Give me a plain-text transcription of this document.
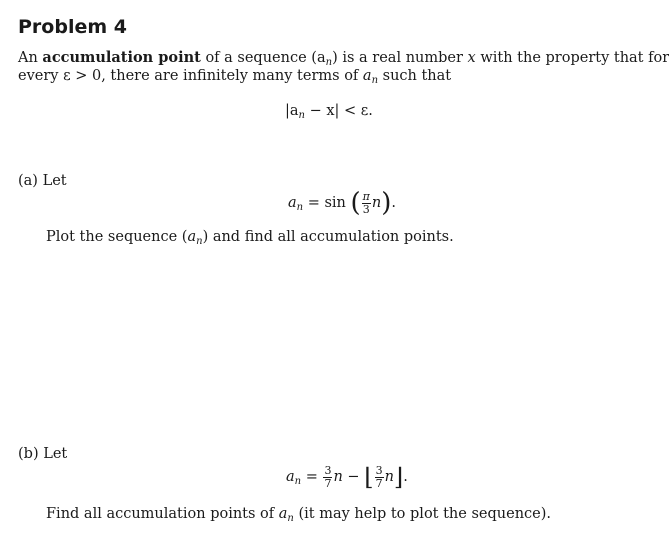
Problem 4
An accumulation point of a sequence $(a_n)$ is a real number x with the property that for
every ε > 0, there are infinitely many terms of $a_n$ such that
$|a_n - x| < \varepsilon$.
(a) Let
$a_n = \sin$ ( $\frac{\pi}{3} n$).
Plot the sequence $(a_n)$ and find all accumulation points.
(b) Let
$a_n = \frac{3}{7}$ n − ⌊ $\frac{3}{7}$ n⌋.
Find all accumulation points of $a_n$ (it may help to plot the sequence).
